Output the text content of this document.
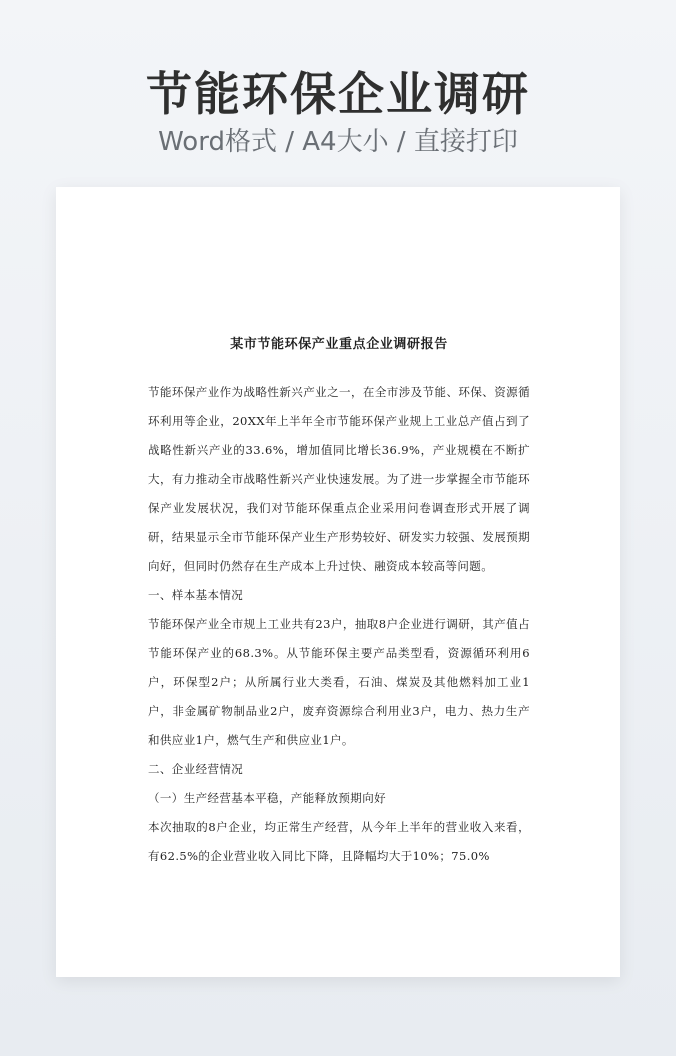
节能环保企业调研
Word格式 / A4大小 / 直接打印
某市节能环保产业重点企业调研报告

节能环保产业作为战略性新兴产业之一，在全市涉及节能、环保、资源循环利用等企业，20XX年上半年全市节能环保产业规上工业总产值占到了战略性新兴产业的33.6%，增加值同比增长36.9%，产业规模在不断扩大，有力推动全市战略性新兴产业快速发展。为了进一步掌握全市节能环保产业发展状况，我们对节能环保重点企业采用问卷调查形式开展了调研，结果显示全市节能环保产业生产形势较好、研发实力较强、发展预期向好，但同时仍然存在生产成本上升过快、融资成本较高等问题。

一、样本基本情况

节能环保产业全市规上工业共有23户，抽取8户企业进行调研，其产值占节能环保产业的68.3%。从节能环保主要产品类型看，资源循环利用6户，环保型2户；从所属行业大类看，石油、煤炭及其他燃料加工业1户，非金属矿物制品业2户，废弃资源综合利用业3户，电力、热力生产和供应业1户，燃气生产和供应业1户。

二、企业经营情况

（一）生产经营基本平稳，产能释放预期向好

本次抽取的8户企业，均正常生产经营，从今年上半年的营业收入来看，有62.5%的企业营业收入同比下降，且降幅均大于10%；75.0%
